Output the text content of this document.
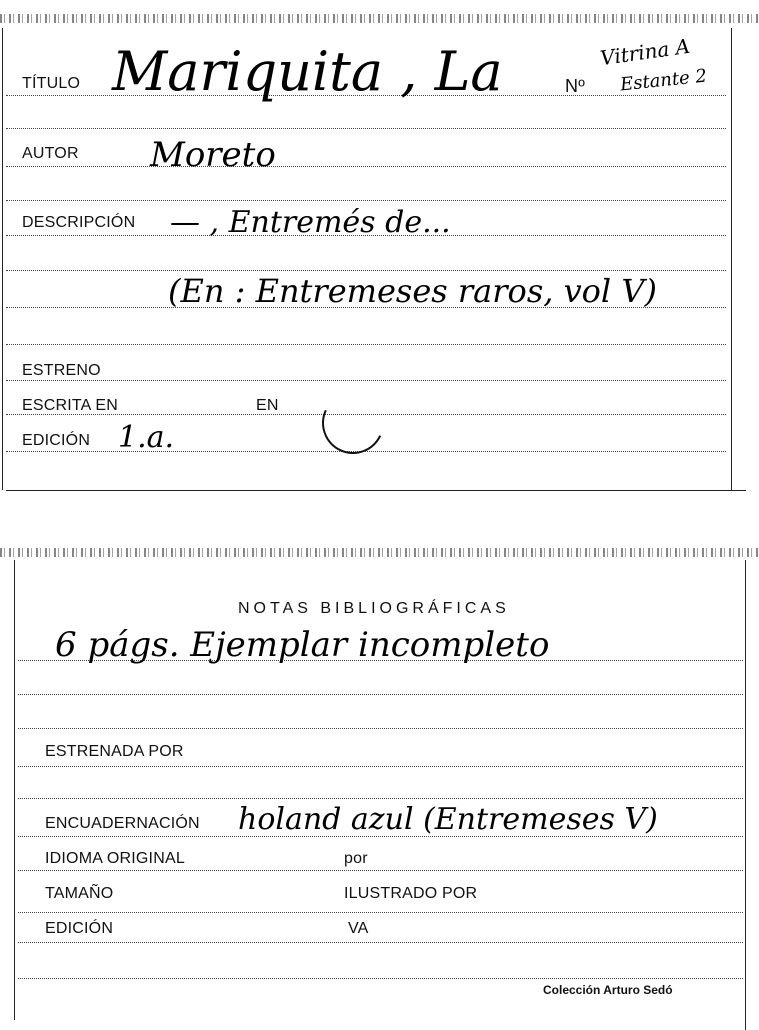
TÍTULO Mariquita , La	Nº
Vitrina A
Estante 2
AUTOR Moreto
DESCRIPCIÓN — , Entremés de...
(En : Entremeses raros, vol V)
ESTRENO
ESCRITA EN	EN
EDICIÓN 1.a.
NOTAS BIBLIOGRÁFICAS
6 págs. Ejemplar incompleto
ESTRENADA POR
ENCUADERNACIÓN holand azul (Entremeses V)
IDIOMA ORIGINAL	por
TAMAÑO	ILUSTRADO POR
EDICIÓN	VA
Colección Arturo Sedó
